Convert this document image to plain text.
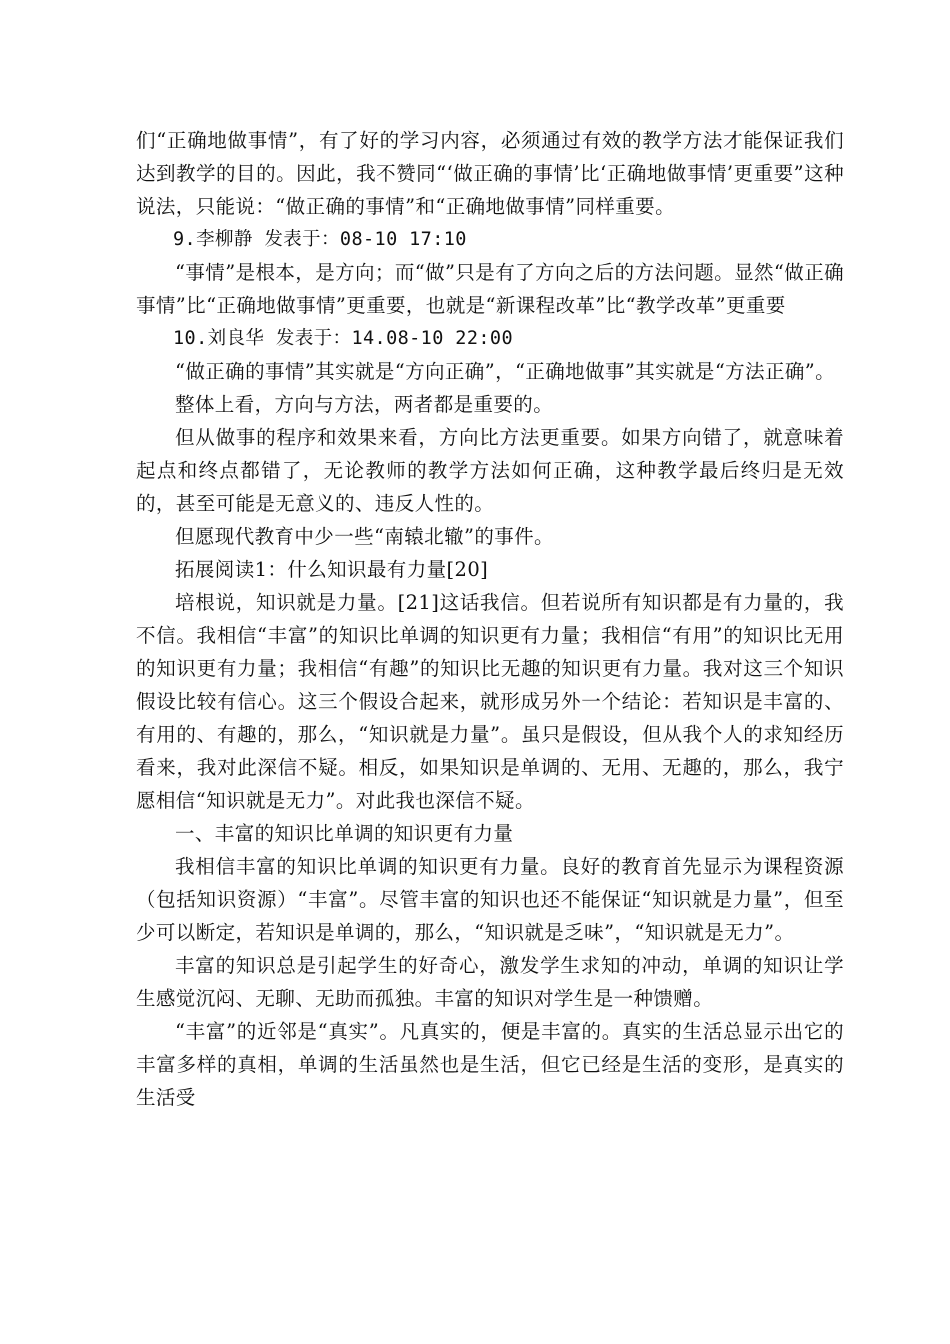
们“正确地做事情”，有了好的学习内容，必须通过有效的教学方法才能保证我们达到教学的目的。因此，我不赞同“‘做正确的事情’比‘正确地做事情’更重要”这种说法，只能说：“做正确的事情”和“正确地做事情”同样重要。

9.李柳静 发表于：08-10 17:10

“事情”是根本，是方向；而“做”只是有了方向之后的方法问题。显然“做正确事情”比“正确地做事情”更重要，也就是“新课程改革”比“教学改革”更重要

10.刘良华 发表于：14.08-10 22:00

“做正确的事情”其实就是“方向正确”，“正确地做事”其实就是“方法正确”。

整体上看，方向与方法，两者都是重要的。

但从做事的程序和效果来看，方向比方法更重要。如果方向错了，就意味着起点和终点都错了，无论教师的教学方法如何正确，这种教学最后终归是无效的，甚至可能是无意义的、违反人性的。

但愿现代教育中少一些“南辕北辙”的事件。

拓展阅读1：什么知识最有力量[20]

培根说，知识就是力量。[21]这话我信。但若说所有知识都是有力量的，我不信。我相信“丰富”的知识比单调的知识更有力量；我相信“有用”的知识比无用的知识更有力量；我相信“有趣”的知识比无趣的知识更有力量。我对这三个知识假设比较有信心。这三个假设合起来，就形成另外一个结论：若知识是丰富的、有用的、有趣的，那么，“知识就是力量”。虽只是假设，但从我个人的求知经历看来，我对此深信不疑。相反，如果知识是单调的、无用、无趣的，那么，我宁愿相信“知识就是无力”。对此我也深信不疑。

一、丰富的知识比单调的知识更有力量

我相信丰富的知识比单调的知识更有力量。良好的教育首先显示为课程资源（包括知识资源）“丰富”。尽管丰富的知识也还不能保证“知识就是力量”，但至少可以断定，若知识是单调的，那么，“知识就是乏味”，“知识就是无力”。

丰富的知识总是引起学生的好奇心，激发学生求知的冲动，单调的知识让学生感觉沉闷、无聊、无助而孤独。丰富的知识对学生是一种馈赠。

“丰富”的近邻是“真实”。凡真实的，便是丰富的。真实的生活总显示出它的丰富多样的真相，单调的生活虽然也是生活，但它已经是生活的变形，是真实的生活受
